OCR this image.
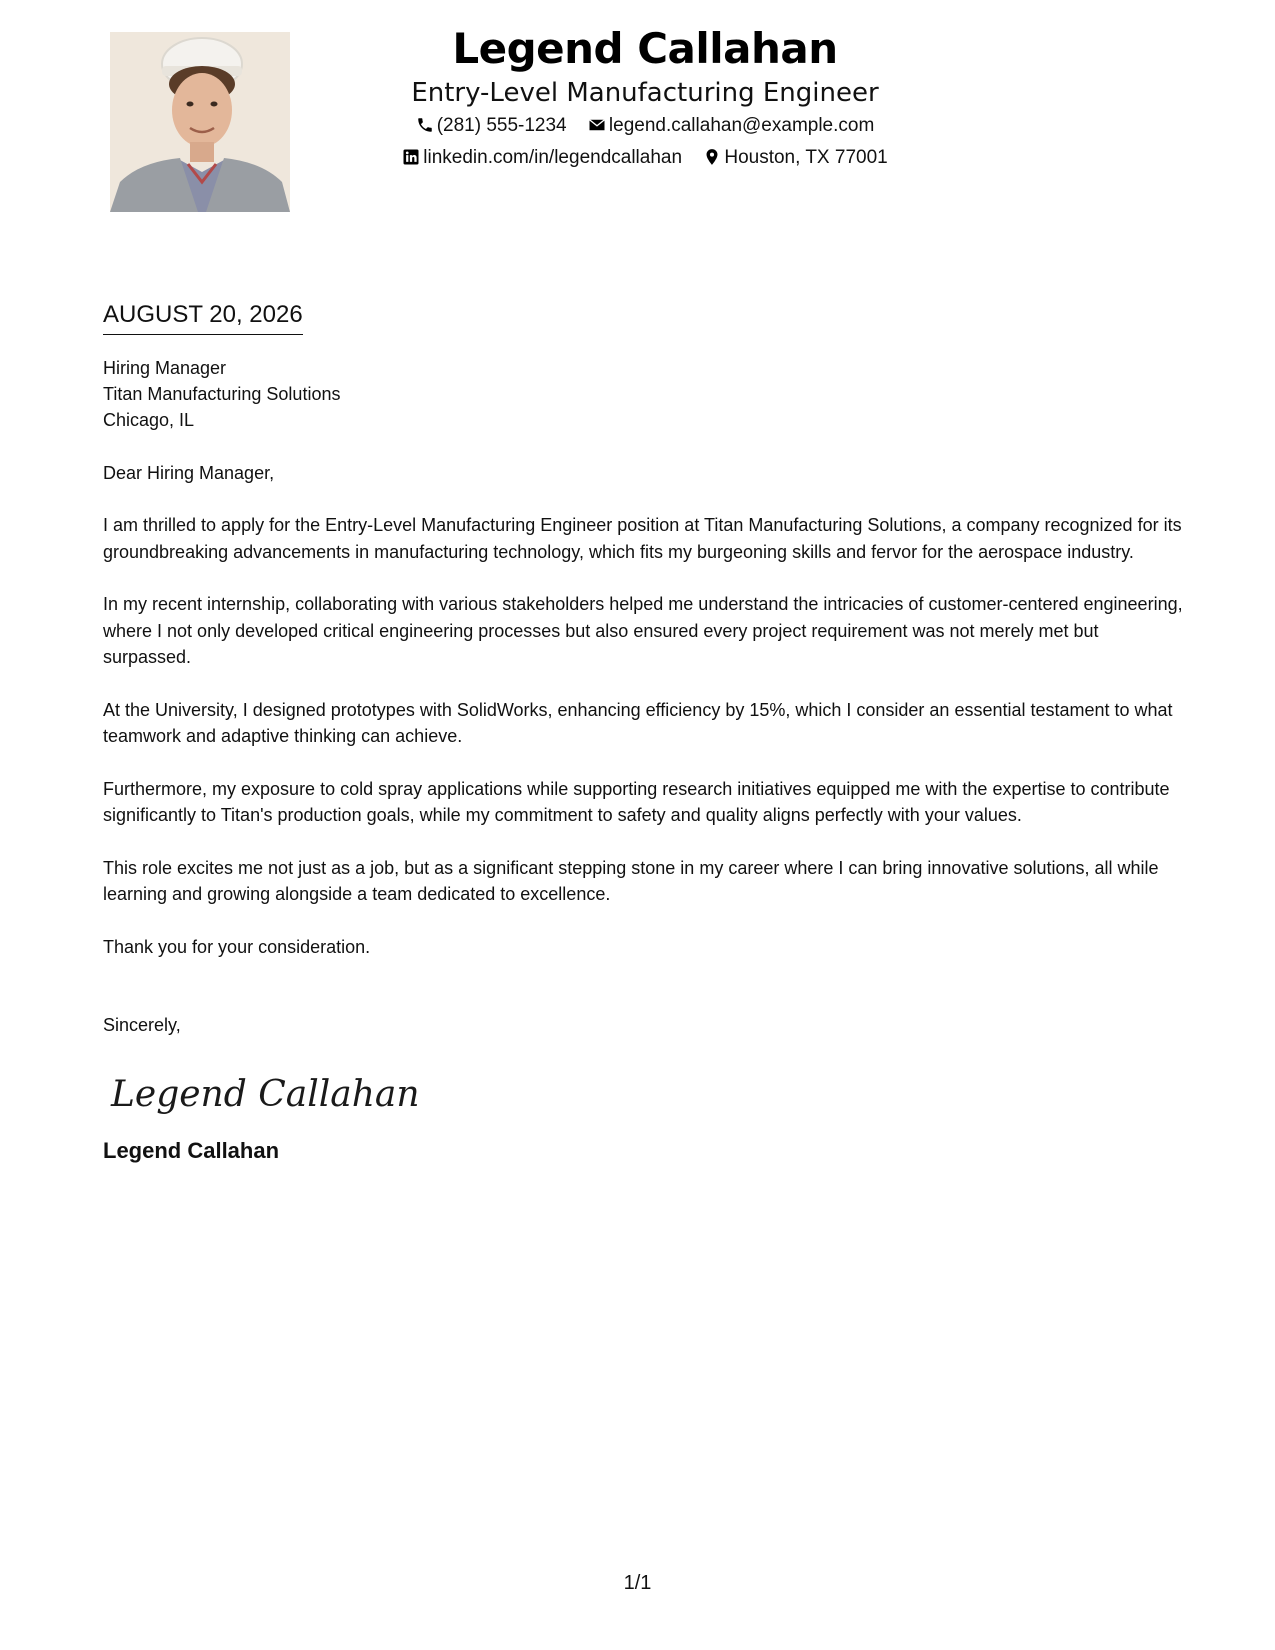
Legend Callahan
Entry-Level Manufacturing Engineer
(281) 555-1234 legend.callahan@example.com
linkedin.com/in/legendcallahan Houston, TX 77001
AUGUST 20, 2026
Hiring Manager
Titan Manufacturing Solutions
Chicago, IL
Dear Hiring Manager,
I am thrilled to apply for the Entry-Level Manufacturing Engineer position at Titan Manufacturing Solutions, a company recognized for its groundbreaking advancements in manufacturing technology, which fits my burgeoning skills and fervor for the aerospace industry.
In my recent internship, collaborating with various stakeholders helped me understand the intricacies of customer-centered engineering, where I not only developed critical engineering processes but also ensured every project requirement was not merely met but surpassed.
At the University, I designed prototypes with SolidWorks, enhancing efficiency by 15%, which I consider an essential testament to what teamwork and adaptive thinking can achieve.
Furthermore, my exposure to cold spray applications while supporting research initiatives equipped me with the expertise to contribute significantly to Titan's production goals, while my commitment to safety and quality aligns perfectly with your values.
This role excites me not just as a job, but as a significant stepping stone in my career where I can bring innovative solutions, all while learning and growing alongside a team dedicated to excellence.
Thank you for your consideration.
Sincerely,
Legend Callahan
Legend Callahan
1/1
